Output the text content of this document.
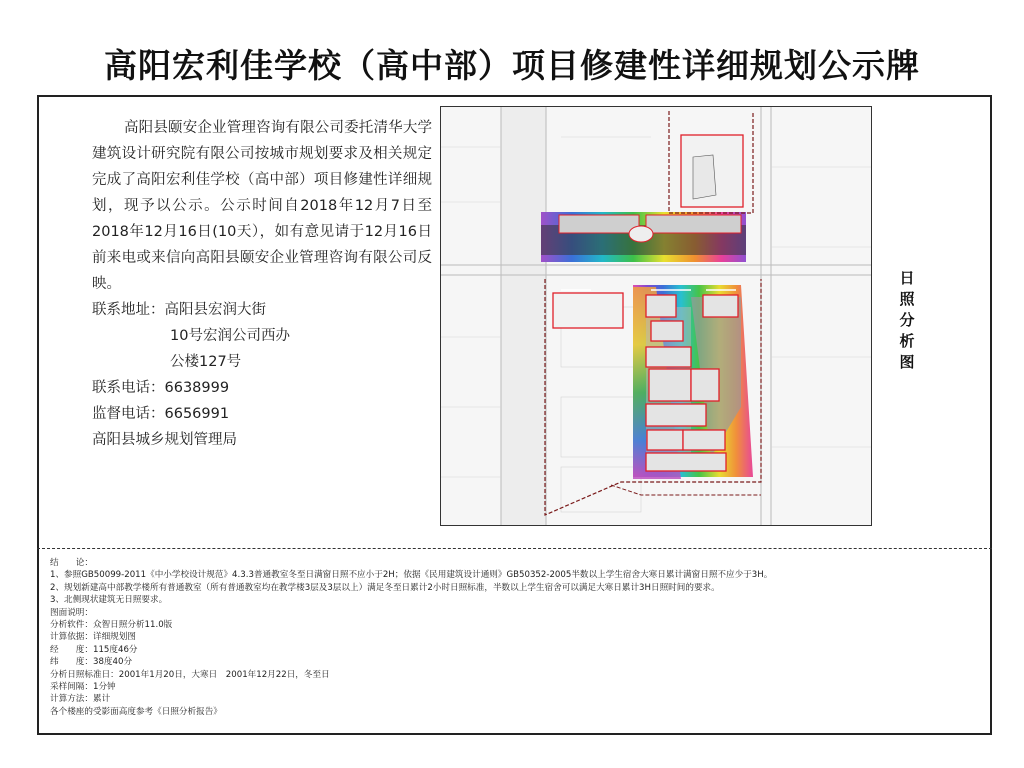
高阳宏利佳学校（高中部）项目修建性详细规划公示牌

高阳县颐安企业管理咨询有限公司委托清华大学建筑设计研究院有限公司按城市规划要求及相关规定完成了高阳宏利佳学校（高中部）项目修建性详细规划，现予以公示。公示时间自2018年12月7日至2018年12月16日(10天），如有意见请于12月16日前来电或来信向高阳县颐安企业管理咨询有限公司反映。

联系地址：高阳县宏润大街
10号宏润公司西办
公楼127号
联系电话：6638999
监督电话：6656991
高阳县城乡规划管理局
日照分析图
结　　论：
1、参照GB50099-2011《中小学校设计规范》4.3.3普通教室冬至日满窗日照不应小于2H；依据《民用建筑设计通则》GB50352-2005半数以上学生宿舍大寒日累计满窗日照不应少于3H。
2、规划新建高中部教学楼所有普通教室（所有普通教室均在教学楼3层及3层以上）满足冬至日累计2小时日照标准，半数以上学生宿舍可以满足大寒日累计3H日照时间的要求。
3、北侧现状建筑无日照要求。
图面说明：
分析软件：众智日照分析11.0版
计算依据：详细规划图
经　　度：115度46分
纬　　度：38度40分
分析日照标准日：2001年1月20日，大寒日　2001年12月22日，冬至日
采样间隔：1分钟
计算方法：累计
各个楼座的受影面高度参考《日照分析报告》
